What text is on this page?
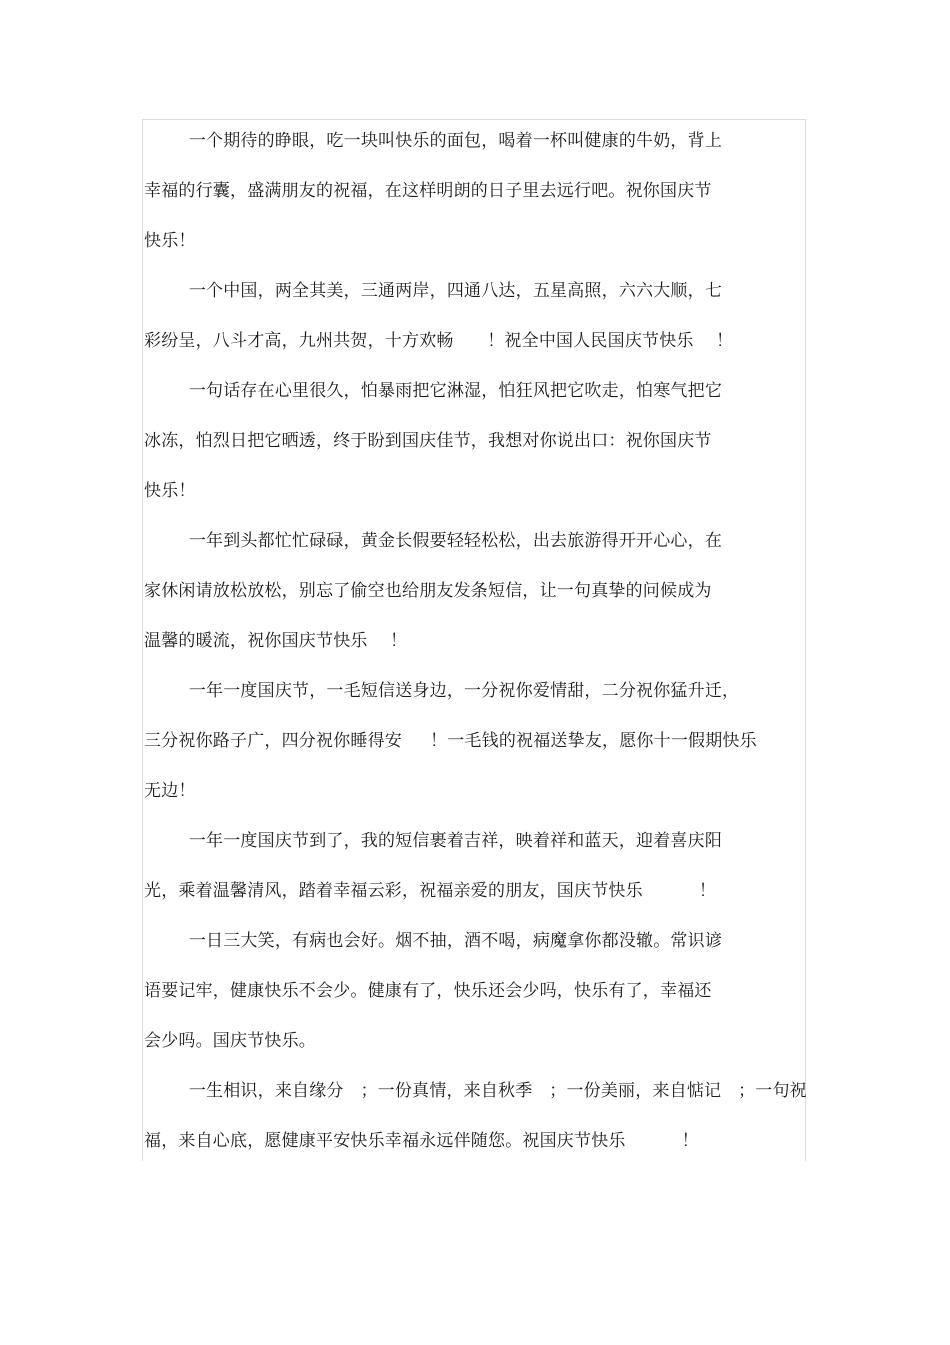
一个期待的睁眼，吃一块叫快乐的面包，喝着一杯叫健康的牛奶，背上
幸福的行囊，盛满朋友的祝福，在这样明朗的日子里去远行吧。祝你国庆节
快乐！
一个中国，两全其美，三通两岸，四通八达，五星高照，六六大顺，七
彩纷呈，八斗才高，九州共贺，十方欢畅      ！祝全中国人民国庆节快乐    ！
一句话存在心里很久，怕暴雨把它淋湿，怕狂风把它吹走，怕寒气把它
冰冻，怕烈日把它晒透，终于盼到国庆佳节，我想对你说出口：祝你国庆节
快乐！
一年到头都忙忙碌碌，黄金长假要轻轻松松，出去旅游得开开心心，在
家休闲请放松放松，别忘了偷空也给朋友发条短信，让一句真挚的问候成为
温馨的暖流，祝你国庆节快乐    ！
一年一度国庆节，一毛短信送身边，一分祝你爱情甜，二分祝你猛升迁，
三分祝你路子广，四分祝你睡得安     ！一毛钱的祝福送挚友，愿你十一假期快乐
无边！
一年一度国庆节到了，我的短信裹着吉祥，映着祥和蓝天，迎着喜庆阳
光，乘着温馨清风，踏着幸福云彩，祝福亲爱的朋友，国庆节快乐          ！
一日三大笑，有病也会好。烟不抽，酒不喝，病魔拿你都没辙。常识谚
语要记牢，健康快乐不会少。健康有了，快乐还会少吗，快乐有了，幸福还
会少吗。国庆节快乐。
一生相识，来自缘分   ；一份真情，来自秋季   ；一份美丽，来自惦记   ；一句祝
福，来自心底，愿健康平安快乐幸福永远伴随您。祝国庆节快乐          ！
